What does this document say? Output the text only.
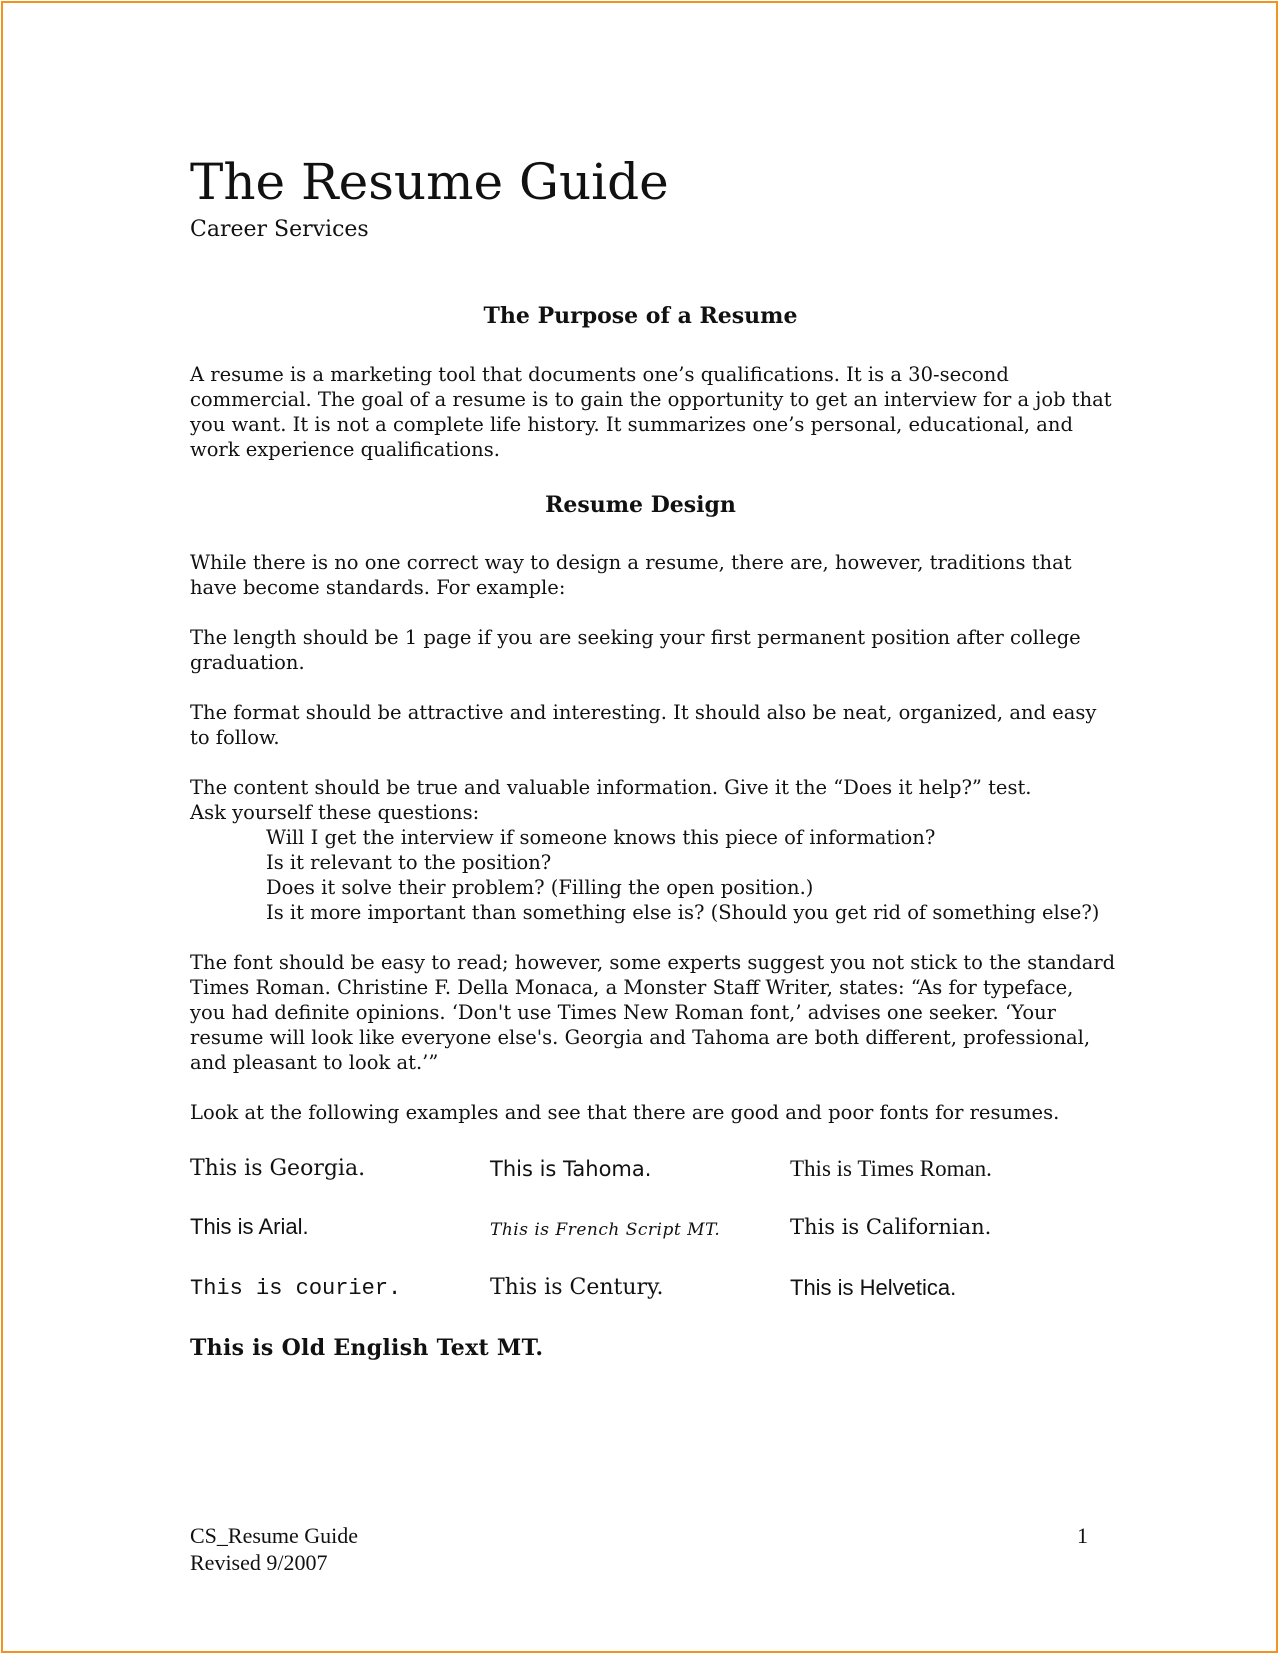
The Resume Guide
Career Services
The Purpose of a Resume
A resume is a marketing tool that documents one’s qualifications. It is a 30-second
commercial. The goal of a resume is to gain the opportunity to get an interview for a job that
you want. It is not a complete life history. It summarizes one’s personal, educational, and
work experience qualifications.
Resume Design
While there is no one correct way to design a resume, there are, however, traditions that
have become standards. For example:
The length should be 1 page if you are seeking your first permanent position after college
graduation.
The format should be attractive and interesting. It should also be neat, organized, and easy
to follow.
The content should be true and valuable information. Give it the “Does it help?” test.
Ask yourself these questions:
Will I get the interview if someone knows this piece of information?
Is it relevant to the position?
Does it solve their problem? (Filling the open position.)
Is it more important than something else is? (Should you get rid of something else?)
The font should be easy to read; however, some experts suggest you not stick to the standard
Times Roman. Christine F. Della Monaca, a Monster Staff Writer, states: “As for typeface,
you had definite opinions. ‘Don't use Times New Roman font,’ advises one seeker. ‘Your
resume will look like everyone else's. Georgia and Tahoma are both different, professional,
and pleasant to look at.’”
Look at the following examples and see that there are good and poor fonts for resumes.
This is Georgia.	This is Tahoma.	This is Times Roman.
This is Arial.	This is French Script MT.	This is Californian.
This is courier.	This is Century.	This is Helvetica.
This is Old English Text MT.
CS_Resume Guide
Revised 9/2007
1
